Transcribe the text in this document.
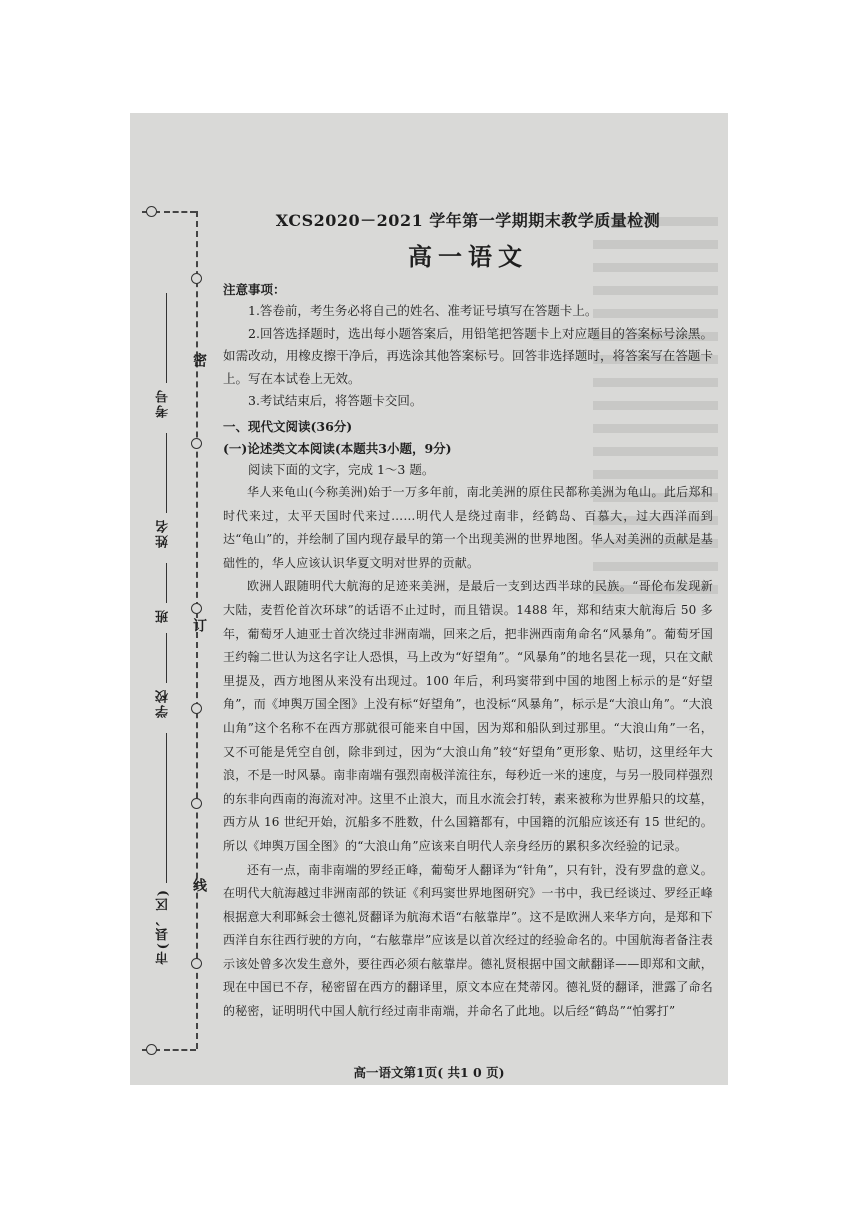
密
订
线
考号
姓名
班
学校
市(县、区)

XCS2020－2021 学年第一学期期末教学质量检测

高一语文

注意事项：

1.答卷前，考生务必将自己的姓名、准考证号填写在答题卡上。

2.回答选择题时，选出每小题答案后，用铅笔把答题卡上对应题目的答案标号涂黑。如需改动，用橡皮擦干净后，再选涂其他答案标号。回答非选择题时，将答案写在答题卡上。写在本试卷上无效。

3.考试结束后，将答题卡交回。

一、现代文阅读(36分)

(一)论述类文本阅读(本题共3小题，9分)

阅读下面的文字，完成 1～3 题。

华人来龟山(今称美洲)始于一万多年前，南北美洲的原住民都称美洲为龟山。此后郑和时代来过，太平天国时代来过……明代人是绕过南非，经鹤岛、百慕大，过大西洋而到达“龟山”的，并绘制了国内现存最早的第一个出现美洲的世界地图。华人对美洲的贡献是基础性的，华人应该认识华夏文明对世界的贡献。

欧洲人跟随明代大航海的足迹来美洲，是最后一支到达西半球的民族。“哥伦布发现新大陆，麦哲伦首次环球”的话语不止过时，而且错误。1488 年，郑和结束大航海后 50 多年，葡萄牙人迪亚士首次绕过非洲南端，回来之后，把非洲西南角命名“风暴角”。葡萄牙国王约翰二世认为这名字让人恐惧，马上改为“好望角”。“风暴角”的地名昙花一现，只在文献里提及，西方地图从来没有出现过。100 年后，利玛窦带到中国的地图上标示的是“好望角”，而《坤舆万国全图》上没有标“好望角”，也没标“风暴角”，标示是“大浪山角”。“大浪山角”这个名称不在西方那就很可能来自中国，因为郑和船队到过那里。“大浪山角”一名，又不可能是凭空自创，除非到过，因为“大浪山角”较“好望角”更形象、贴切，这里经年大浪，不是一时风暴。南非南端有强烈南极洋流往东，每秒近一米的速度，与另一股同样强烈的东非向西南的海流对冲。这里不止浪大，而且水流会打转，素来被称为世界船只的坟墓，西方从 16 世纪开始，沉船多不胜数，什么国籍都有，中国籍的沉船应该还有 15 世纪的。所以《坤舆万国全图》的“大浪山角”应该来自明代人亲身经历的累积多次经验的记录。

还有一点，南非南端的罗经正峰，葡萄牙人翻译为“针角”，只有针，没有罗盘的意义。在明代大航海越过非洲南部的铁证《利玛窦世界地图研究》一书中，我已经谈过、罗经正峰根据意大利耶稣会士德礼贤翻译为航海术语“右舷靠岸”。这不是欧洲人来华方向，是郑和下西洋自东往西行驶的方向，“右舷靠岸”应该是以首次经过的经验命名的。中国航海者备注表示该处曾多次发生意外，要往西必须右舷靠岸。德礼贤根据中国文献翻译——即郑和文献，现在中国已不存，秘密留在西方的翻译里，原文本应在梵蒂冈。德礼贤的翻译，泄露了命名的秘密，证明明代中国人航行经过南非南端，并命名了此地。以后经“鹤岛”“怕雾打”

高一语文第1页( 共1 0 页)
